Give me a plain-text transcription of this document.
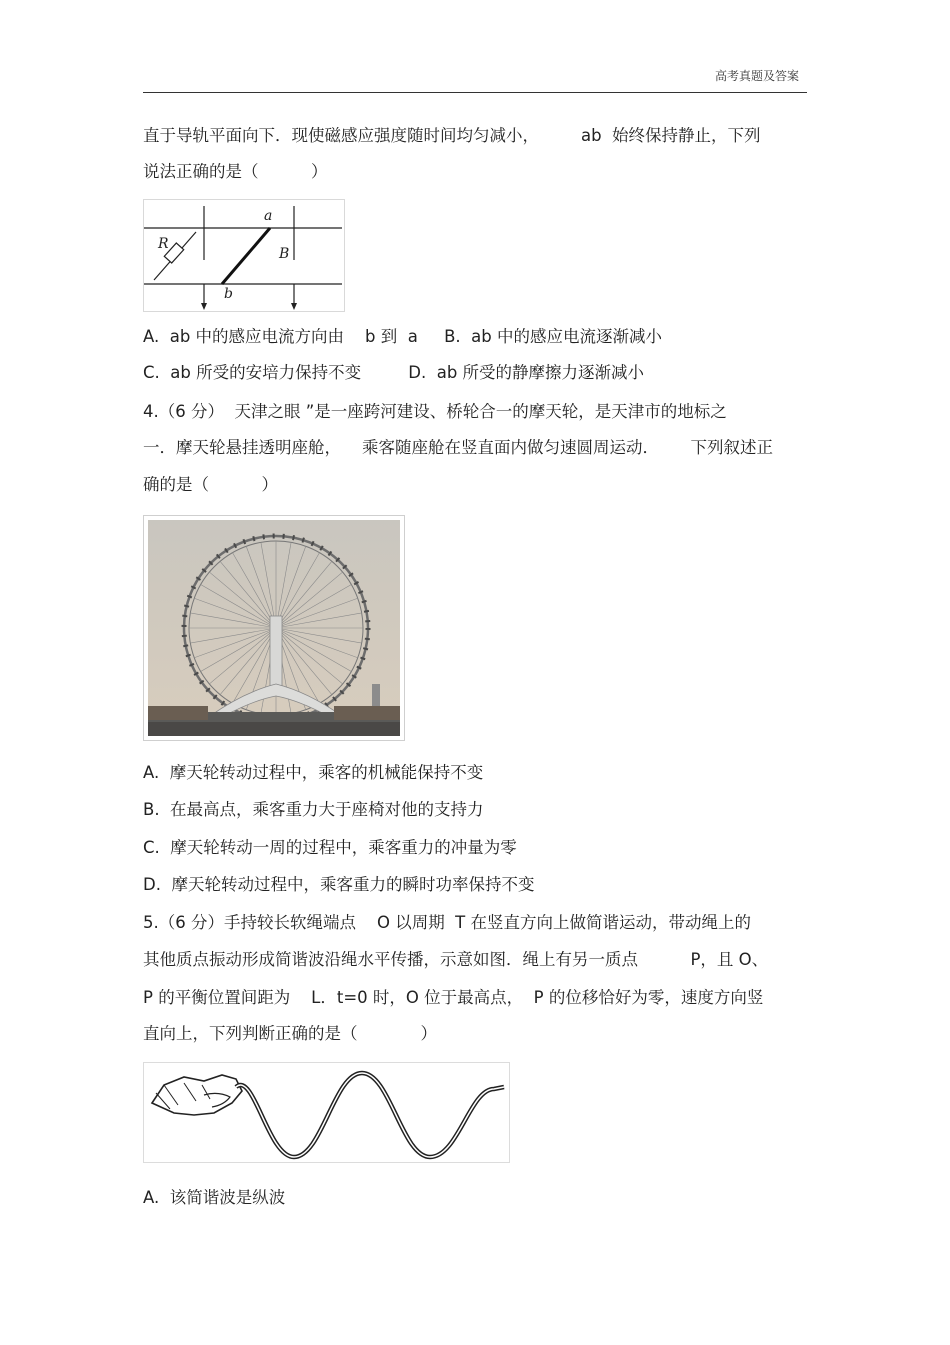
高考真题及答案
直于导轨平面向下．现使磁感应强度随时间均匀减小，        ab  始终保持静止，下列
说法正确的是（          ）
a
b
R
B
A.  ab 中的感应电流方向由    b 到  a     B.  ab 中的感应电流逐渐减小
C.  ab 所受的安培力保持不变         D.  ab 所受的静摩擦力逐渐减小
4.（6 分）  天津之眼 ”是一座跨河建设、桥轮合一的摩天轮，是天津市的地标之
一．摩天轮悬挂透明座舱，    乘客随座舱在竖直面内做匀速圆周运动．      下列叙述正
确的是（          ）
A.  摩天轮转动过程中，乘客的机械能保持不变
B.  在最高点，乘客重力大于座椅对他的支持力
C.  摩天轮转动一周的过程中，乘客重力的冲量为零
D.  摩天轮转动过程中，乘客重力的瞬时功率保持不变
5.（6 分）手持较长软绳端点    O 以周期  T 在竖直方向上做简谐运动，带动绳上的
其他质点振动形成简谐波沿绳水平传播，示意如图．绳上有另一质点          P，且 O、
P 的平衡位置间距为    L．t=0 时，O 位于最高点，  P 的位移恰好为零，速度方向竖
直向上，下列判断正确的是（            ）
A.  该简谐波是纵波
